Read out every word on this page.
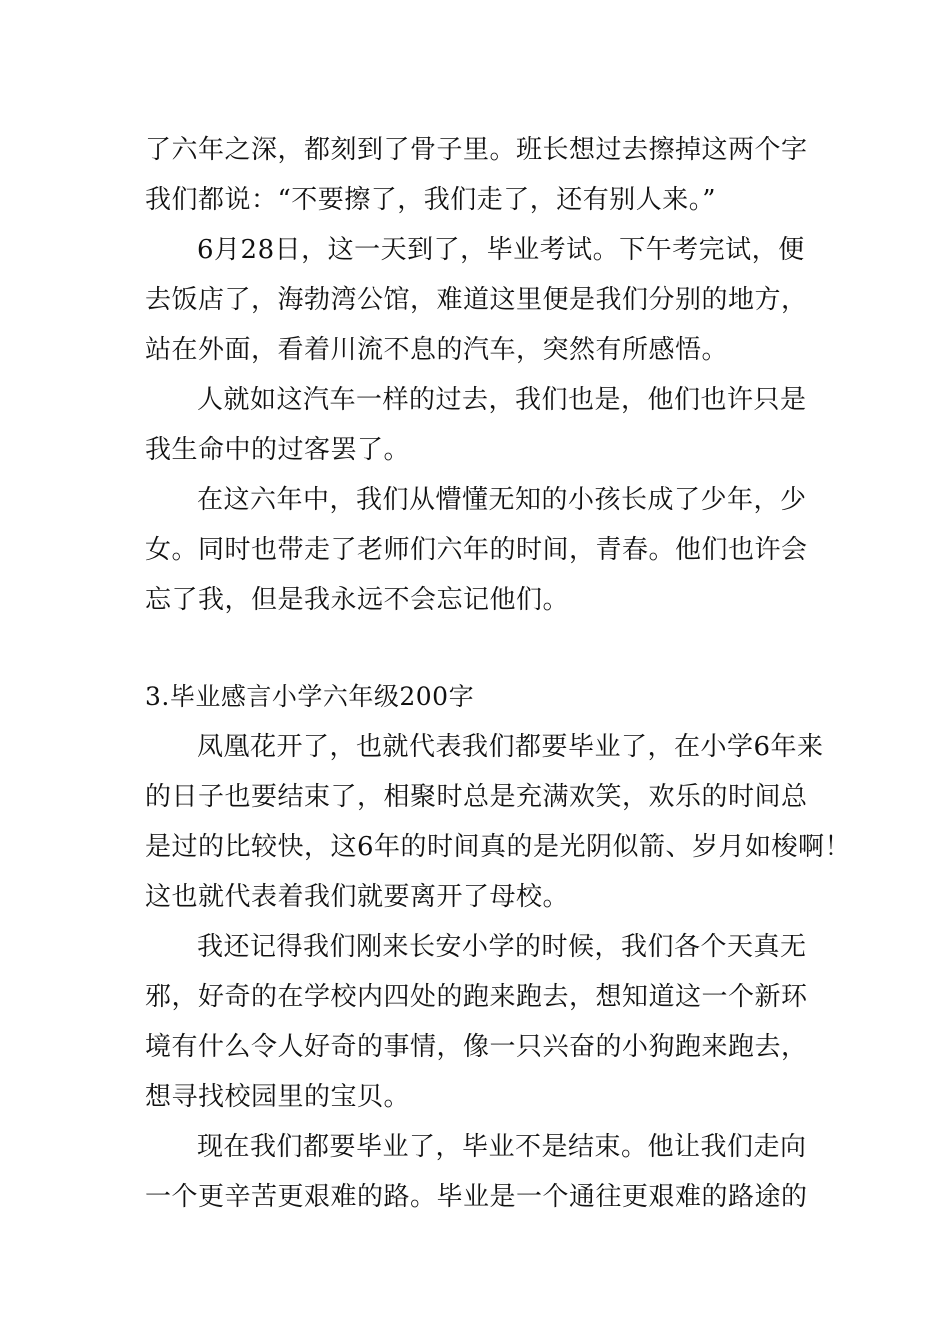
了六年之深，都刻到了骨子里。班长想过去擦掉这两个字
我们都说：“不要擦了，我们走了，还有别人来。”
6月28日，这一天到了，毕业考试。下午考完试，便
去饭店了，海勃湾公馆，难道这里便是我们分别的地方，
站在外面，看着川流不息的汽车，突然有所感悟。
人就如这汽车一样的过去，我们也是，他们也许只是
我生命中的过客罢了。
在这六年中，我们从懵懂无知的小孩长成了少年，少
女。同时也带走了老师们六年的时间，青春。他们也许会
忘了我，但是我永远不会忘记他们。
3.毕业感言小学六年级200字
凤凰花开了，也就代表我们都要毕业了，在小学6年来
的日子也要结束了，相聚时总是充满欢笑，欢乐的时间总
是过的比较快，这6年的时间真的是光阴似箭、岁月如梭啊！
这也就代表着我们就要离开了母校。
我还记得我们刚来长安小学的时候，我们各个天真无
邪，好奇的在学校内四处的跑来跑去，想知道这一个新环
境有什么令人好奇的事情，像一只兴奋的小狗跑来跑去，
想寻找校园里的宝贝。
现在我们都要毕业了，毕业不是结束。他让我们走向
一个更辛苦更艰难的路。毕业是一个通往更艰难的路途的
